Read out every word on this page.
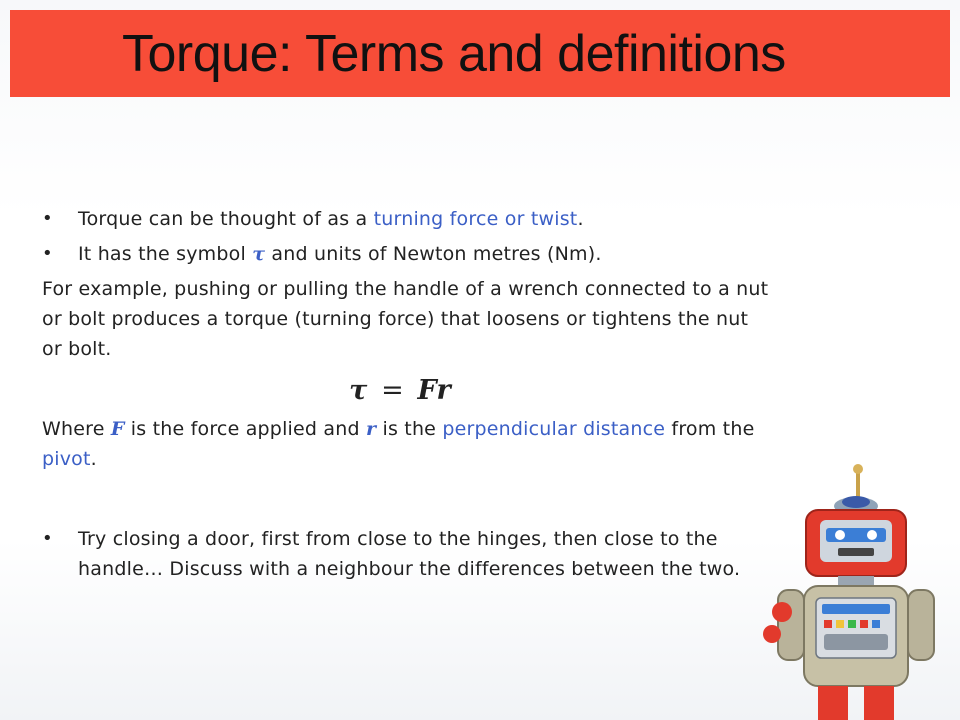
Torque: Terms and definitions

• Torque can be thought of as a turning force or twist.

• It has the symbol τ and units of Newton metres (Nm).

For example, pushing or pulling the handle of a wrench connected to a nut or bolt produces a torque (turning force) that loosens or tightens the nut or bolt.

τ = Fr

Where F is the force applied and r is the perpendicular distance from the pivot.

• Try closing a door, first from close to the hinges, then close to the handle… Discuss with a neighbour the differences between the two.
